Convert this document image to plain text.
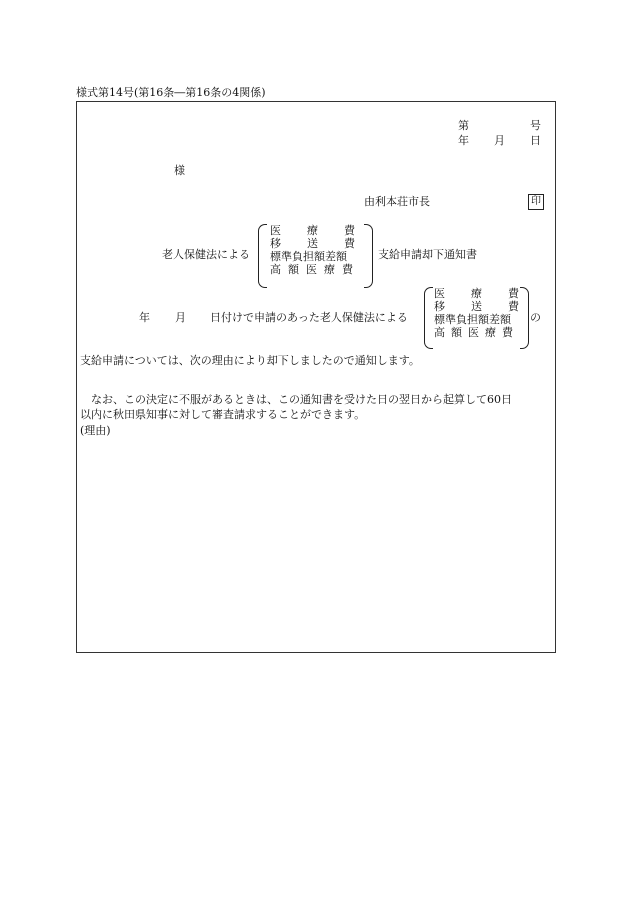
様式第14号(第16条―第16条の4関係)
第	号
年 月 日
様
由利本荘市長	印
老人保健法による
医療費
移送費
標準負担額差額
高額医療費
支給申請却下通知書
年 月 日付けで申請のあった老人保健法による
医療費
移送費
標準負担額差額
高額医療費
の
支給申請については、次の理由により却下しましたので通知します。
なお、この決定に不服があるときは、この通知書を受けた日の翌日から起算して60日
以内に秋田県知事に対して審査請求することができます。
(理由)
